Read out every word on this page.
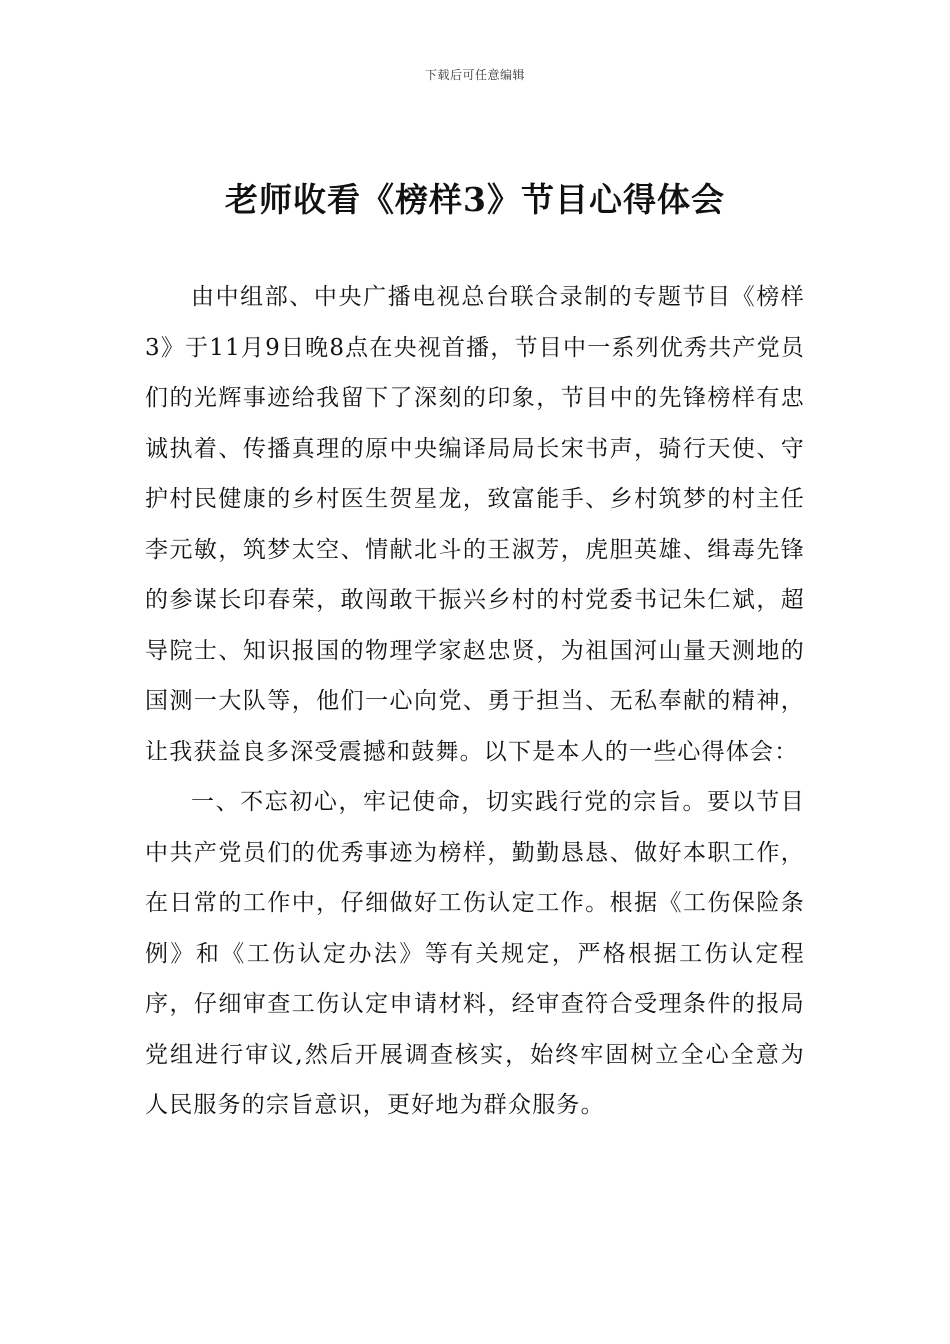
下载后可任意编辑
老师收看《榜样3》节目心得体会

由中组部、中央广播电视总台联合录制的专题节目《榜样3》于11月9日晚8点在央视首播，节目中一系列优秀共产党员们的光辉事迹给我留下了深刻的印象，节目中的先锋榜样有忠诚执着、传播真理的原中央编译局局长宋书声，骑行天使、守护村民健康的乡村医生贺星龙，致富能手、乡村筑梦的村主任李元敏，筑梦太空、情献北斗的王淑芳，虎胆英雄、缉毒先锋的参谋长印春荣，敢闯敢干振兴乡村的村党委书记朱仁斌，超导院士、知识报国的物理学家赵忠贤，为祖国河山量天测地的国测一大队等，他们一心向党、勇于担当、无私奉献的精神，让我获益良多深受震撼和鼓舞。以下是本人的一些心得体会：

一、不忘初心，牢记使命，切实践行党的宗旨。要以节目中共产党员们的优秀事迹为榜样，勤勤恳恳、做好本职工作，在日常的工作中，仔细做好工伤认定工作。根据《工伤保险条例》和《工伤认定办法》等有关规定，严格根据工伤认定程序，仔细审查工伤认定申请材料，经审查符合受理条件的报局党组进行审议,然后开展调查核实，始终牢固树立全心全意为人民服务的宗旨意识，更好地为群众服务。
